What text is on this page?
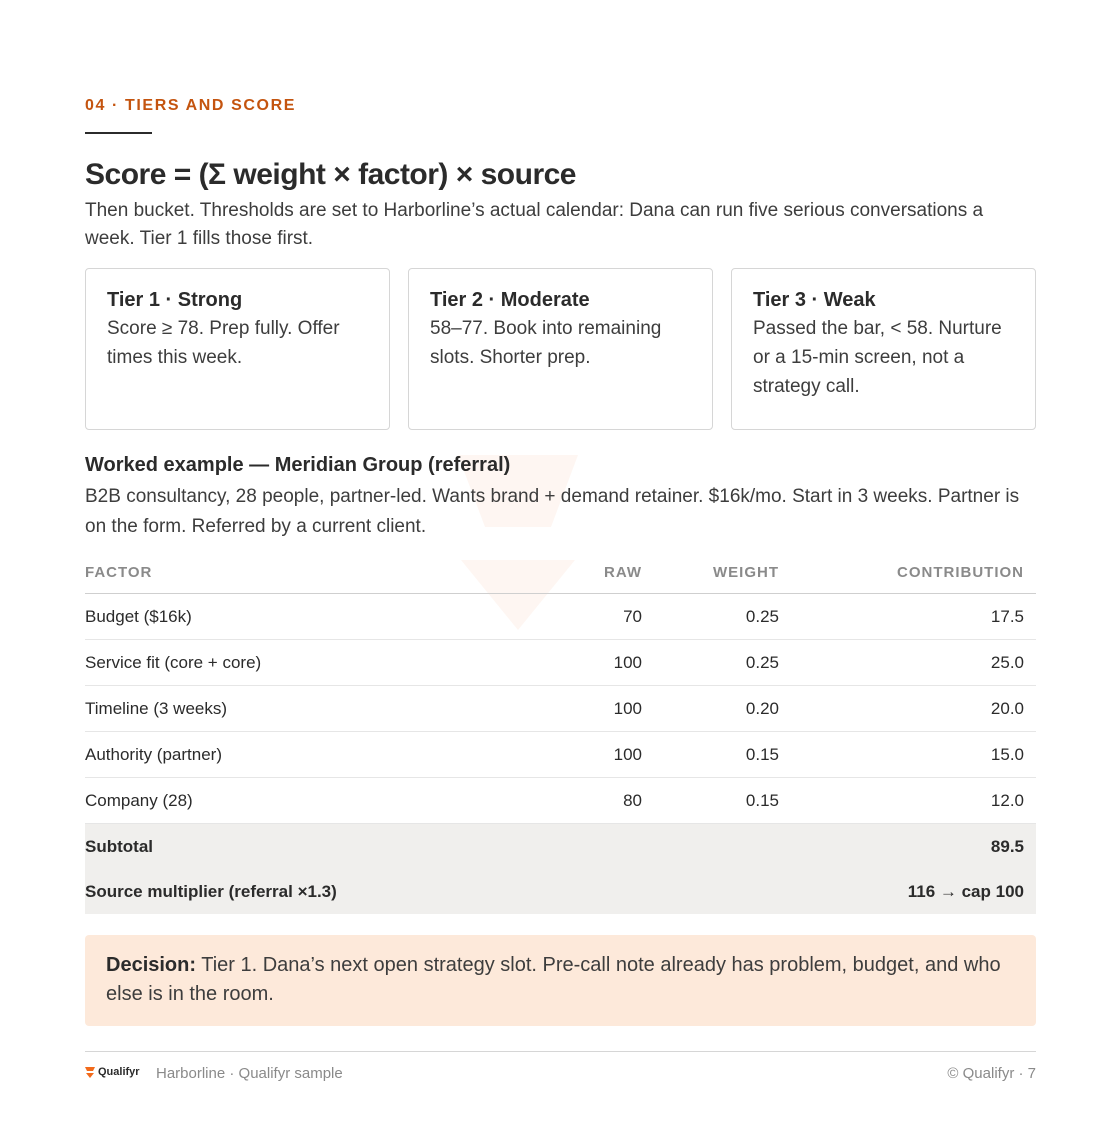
04 · TIERS AND SCORE
Score = (Σ weight × factor) × source

Then bucket. Thresholds are set to Harborline’s actual calendar: Dana can run five serious conversations a week. Tier 1 fills those first.

Tier 1 · Strong
Score ≥ 78. Prep fully. Offer times this week.
Tier 2 · Moderate
58–77. Book into remaining slots. Shorter prep.
Tier 3 · Weak
Passed the bar, < 58. Nurture or a 15-min screen, not a strategy call.
Worked example — Meridian Group (referral)

B2B consultancy, 28 people, partner-led. Wants brand + demand retainer. $16k/mo. Start in 3 weeks. Partner is on the form. Referred by a current client.

FACTOR	RAW	WEIGHT	CONTRIBUTION
Budget ($16k)	70	0.25	17.5
Service fit (core + core)	100	0.25	25.0
Timeline (3 weeks)	100	0.20	20.0
Authority (partner)	100	0.15	15.0
Company (28)	80	0.15	12.0
Subtotal			89.5
Source multiplier (referral ×1.3)			116 → cap 100
Decision: Tier 1. Dana’s next open strategy slot. Pre-call note already has problem, budget, and who else is in the room.
Qualifyr Harborline · Qualifyr sample	© Qualifyr · 7
